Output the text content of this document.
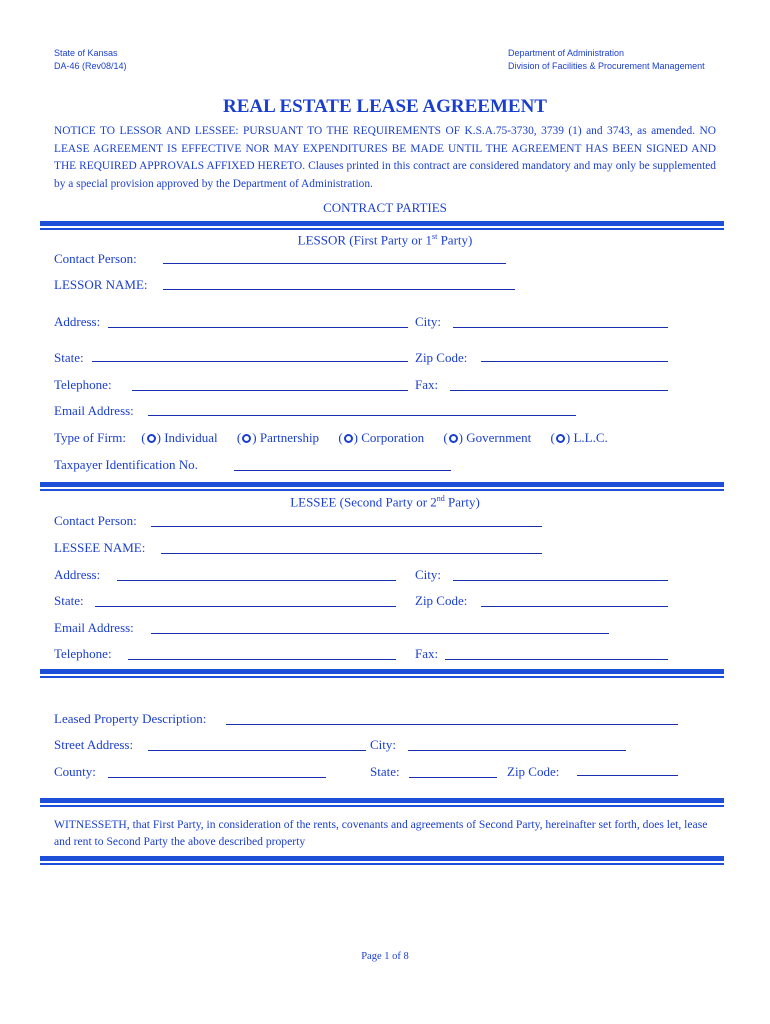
State of Kansas
DA-46 (Rev08/14)
Department of Administration
Division of Facilities & Procurement Management
REAL ESTATE LEASE AGREEMENT
NOTICE TO LESSOR AND LESSEE: PURSUANT TO THE REQUIREMENTS OF K.S.A.75-3730, 3739 (1) and 3743, as amended. NO LEASE AGREEMENT IS EFFECTIVE NOR MAY EXPENDITURES BE MADE UNTIL THE AGREEMENT HAS BEEN SIGNED AND THE REQUIRED APPROVALS AFFIXED HERETO. Clauses printed in this contract are considered mandatory and may only be supplemented by a special provision approved by the Department of Administration.
CONTRACT PARTIES
LESSOR (First Party or 1st Party)
Contact Person:
LESSOR NAME:
Address:	City:
State:	Zip Code:
Telephone:	Fax:
Email Address:
Type of Firm: ( ) Individual ( ) Partnership ( ) Corporation ( ) Government ( ) L.L.C.
Taxpayer Identification No.
LESSEE (Second Party or 2nd Party)
Contact Person:
LESSEE NAME:
Address:	City:
State:	Zip Code:
Email Address:
Telephone:	Fax:
Leased Property Description:
Street Address:	City:
County:	State:	Zip Code:
WITNESSETH, that First Party, in consideration of the rents, covenants and agreements of Second Party, hereinafter set forth, does let, lease and rent to Second Party the above described property
Page 1 of 8
